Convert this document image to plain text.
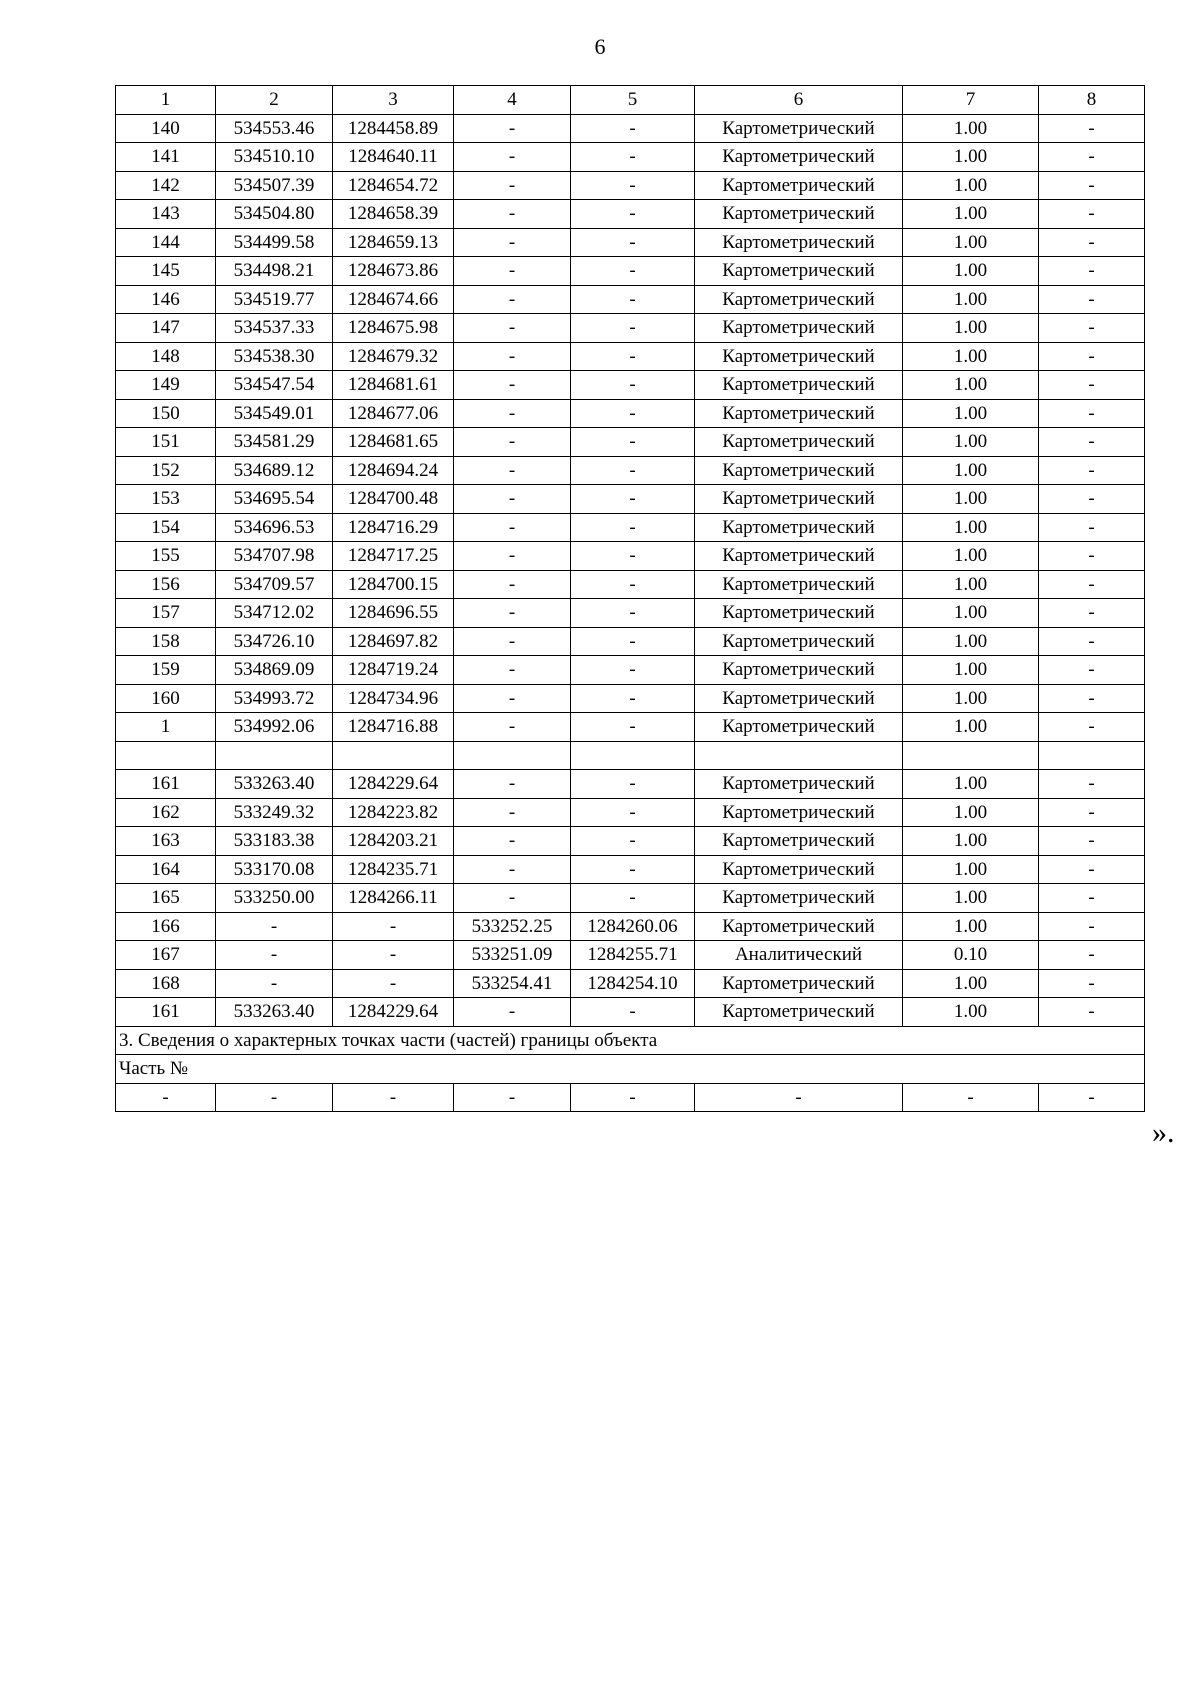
6
1	2	3	4	5	6	7	8
140	534553.46	1284458.89	-	-	Картометрический	1.00	-
141	534510.10	1284640.11	-	-	Картометрический	1.00	-
142	534507.39	1284654.72	-	-	Картометрический	1.00	-
143	534504.80	1284658.39	-	-	Картометрический	1.00	-
144	534499.58	1284659.13	-	-	Картометрический	1.00	-
145	534498.21	1284673.86	-	-	Картометрический	1.00	-
146	534519.77	1284674.66	-	-	Картометрический	1.00	-
147	534537.33	1284675.98	-	-	Картометрический	1.00	-
148	534538.30	1284679.32	-	-	Картометрический	1.00	-
149	534547.54	1284681.61	-	-	Картометрический	1.00	-
150	534549.01	1284677.06	-	-	Картометрический	1.00	-
151	534581.29	1284681.65	-	-	Картометрический	1.00	-
152	534689.12	1284694.24	-	-	Картометрический	1.00	-
153	534695.54	1284700.48	-	-	Картометрический	1.00	-
154	534696.53	1284716.29	-	-	Картометрический	1.00	-
155	534707.98	1284717.25	-	-	Картометрический	1.00	-
156	534709.57	1284700.15	-	-	Картометрический	1.00	-
157	534712.02	1284696.55	-	-	Картометрический	1.00	-
158	534726.10	1284697.82	-	-	Картометрический	1.00	-
159	534869.09	1284719.24	-	-	Картометрический	1.00	-
160	534993.72	1284734.96	-	-	Картометрический	1.00	-
1	534992.06	1284716.88	-	-	Картометрический	1.00	-

161	533263.40	1284229.64	-	-	Картометрический	1.00	-
162	533249.32	1284223.82	-	-	Картометрический	1.00	-
163	533183.38	1284203.21	-	-	Картометрический	1.00	-
164	533170.08	1284235.71	-	-	Картометрический	1.00	-
165	533250.00	1284266.11	-	-	Картометрический	1.00	-
166	-	-	533252.25	1284260.06	Картометрический	1.00	-
167	-	-	533251.09	1284255.71	Аналитический	0.10	-
168	-	-	533254.41	1284254.10	Картометрический	1.00	-
161	533263.40	1284229.64	-	-	Картометрический	1.00	-
3. Сведения о характерных точках части (частей) границы объекта							
Часть №							
-	-	-	-	-	-	-	-
».
